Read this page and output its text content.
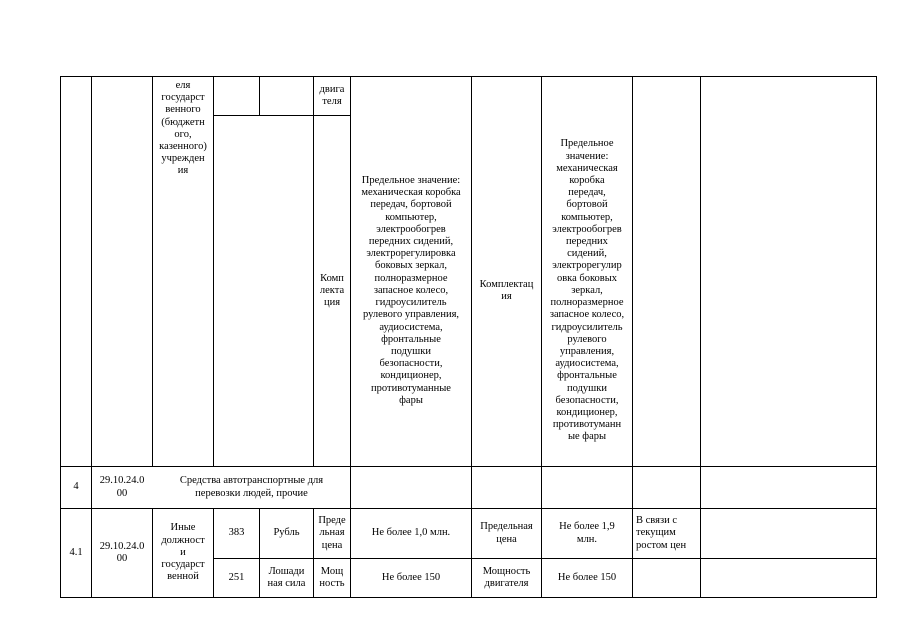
еля
государст
венного
(бюджетн
ого,
казенного)
учрежден
ия
двига
теля
Комп
лекта
ция
Предельное значение:
механическая коробка
передач, бортовой
компьютер,
электрообогрев
передних сидений,
электрорегулировка
боковых зеркал,
полноразмерное
запасное колесо,
гидроусилитель
рулевого управления,
аудиосистема,
фронтальные
подушки
безопасности,
кондиционер,
противотуманные
фары
Комплектац
ия
Предельное
значение:
механическая
коробка
передач,
бортовой
компьютер,
электрообогрев
передних
сидений,
электрорегулир
овка боковых
зеркал,
полноразмерное
запасное колесо,
гидроусилитель
рулевого
управления,
аудиосистема,
фронтальные
подушки
безопасности,
кондиционер,
противотуманн
ые фары
4
29.10.24.0
00
Средства автотранспортные для
перевозки людей, прочие
4.1
29.10.24.0
00
Иные
должност
и
государст
венной
383	Рубль
Преде
льная
цена
Не более 1,0 млн.
Предельная
цена
Не более 1,9
млн.
В связи с
текущим
ростом цен
251
Лошади
ная сила
Мощ
ность
Не более 150
Мощность
двигателя
Не более 150
